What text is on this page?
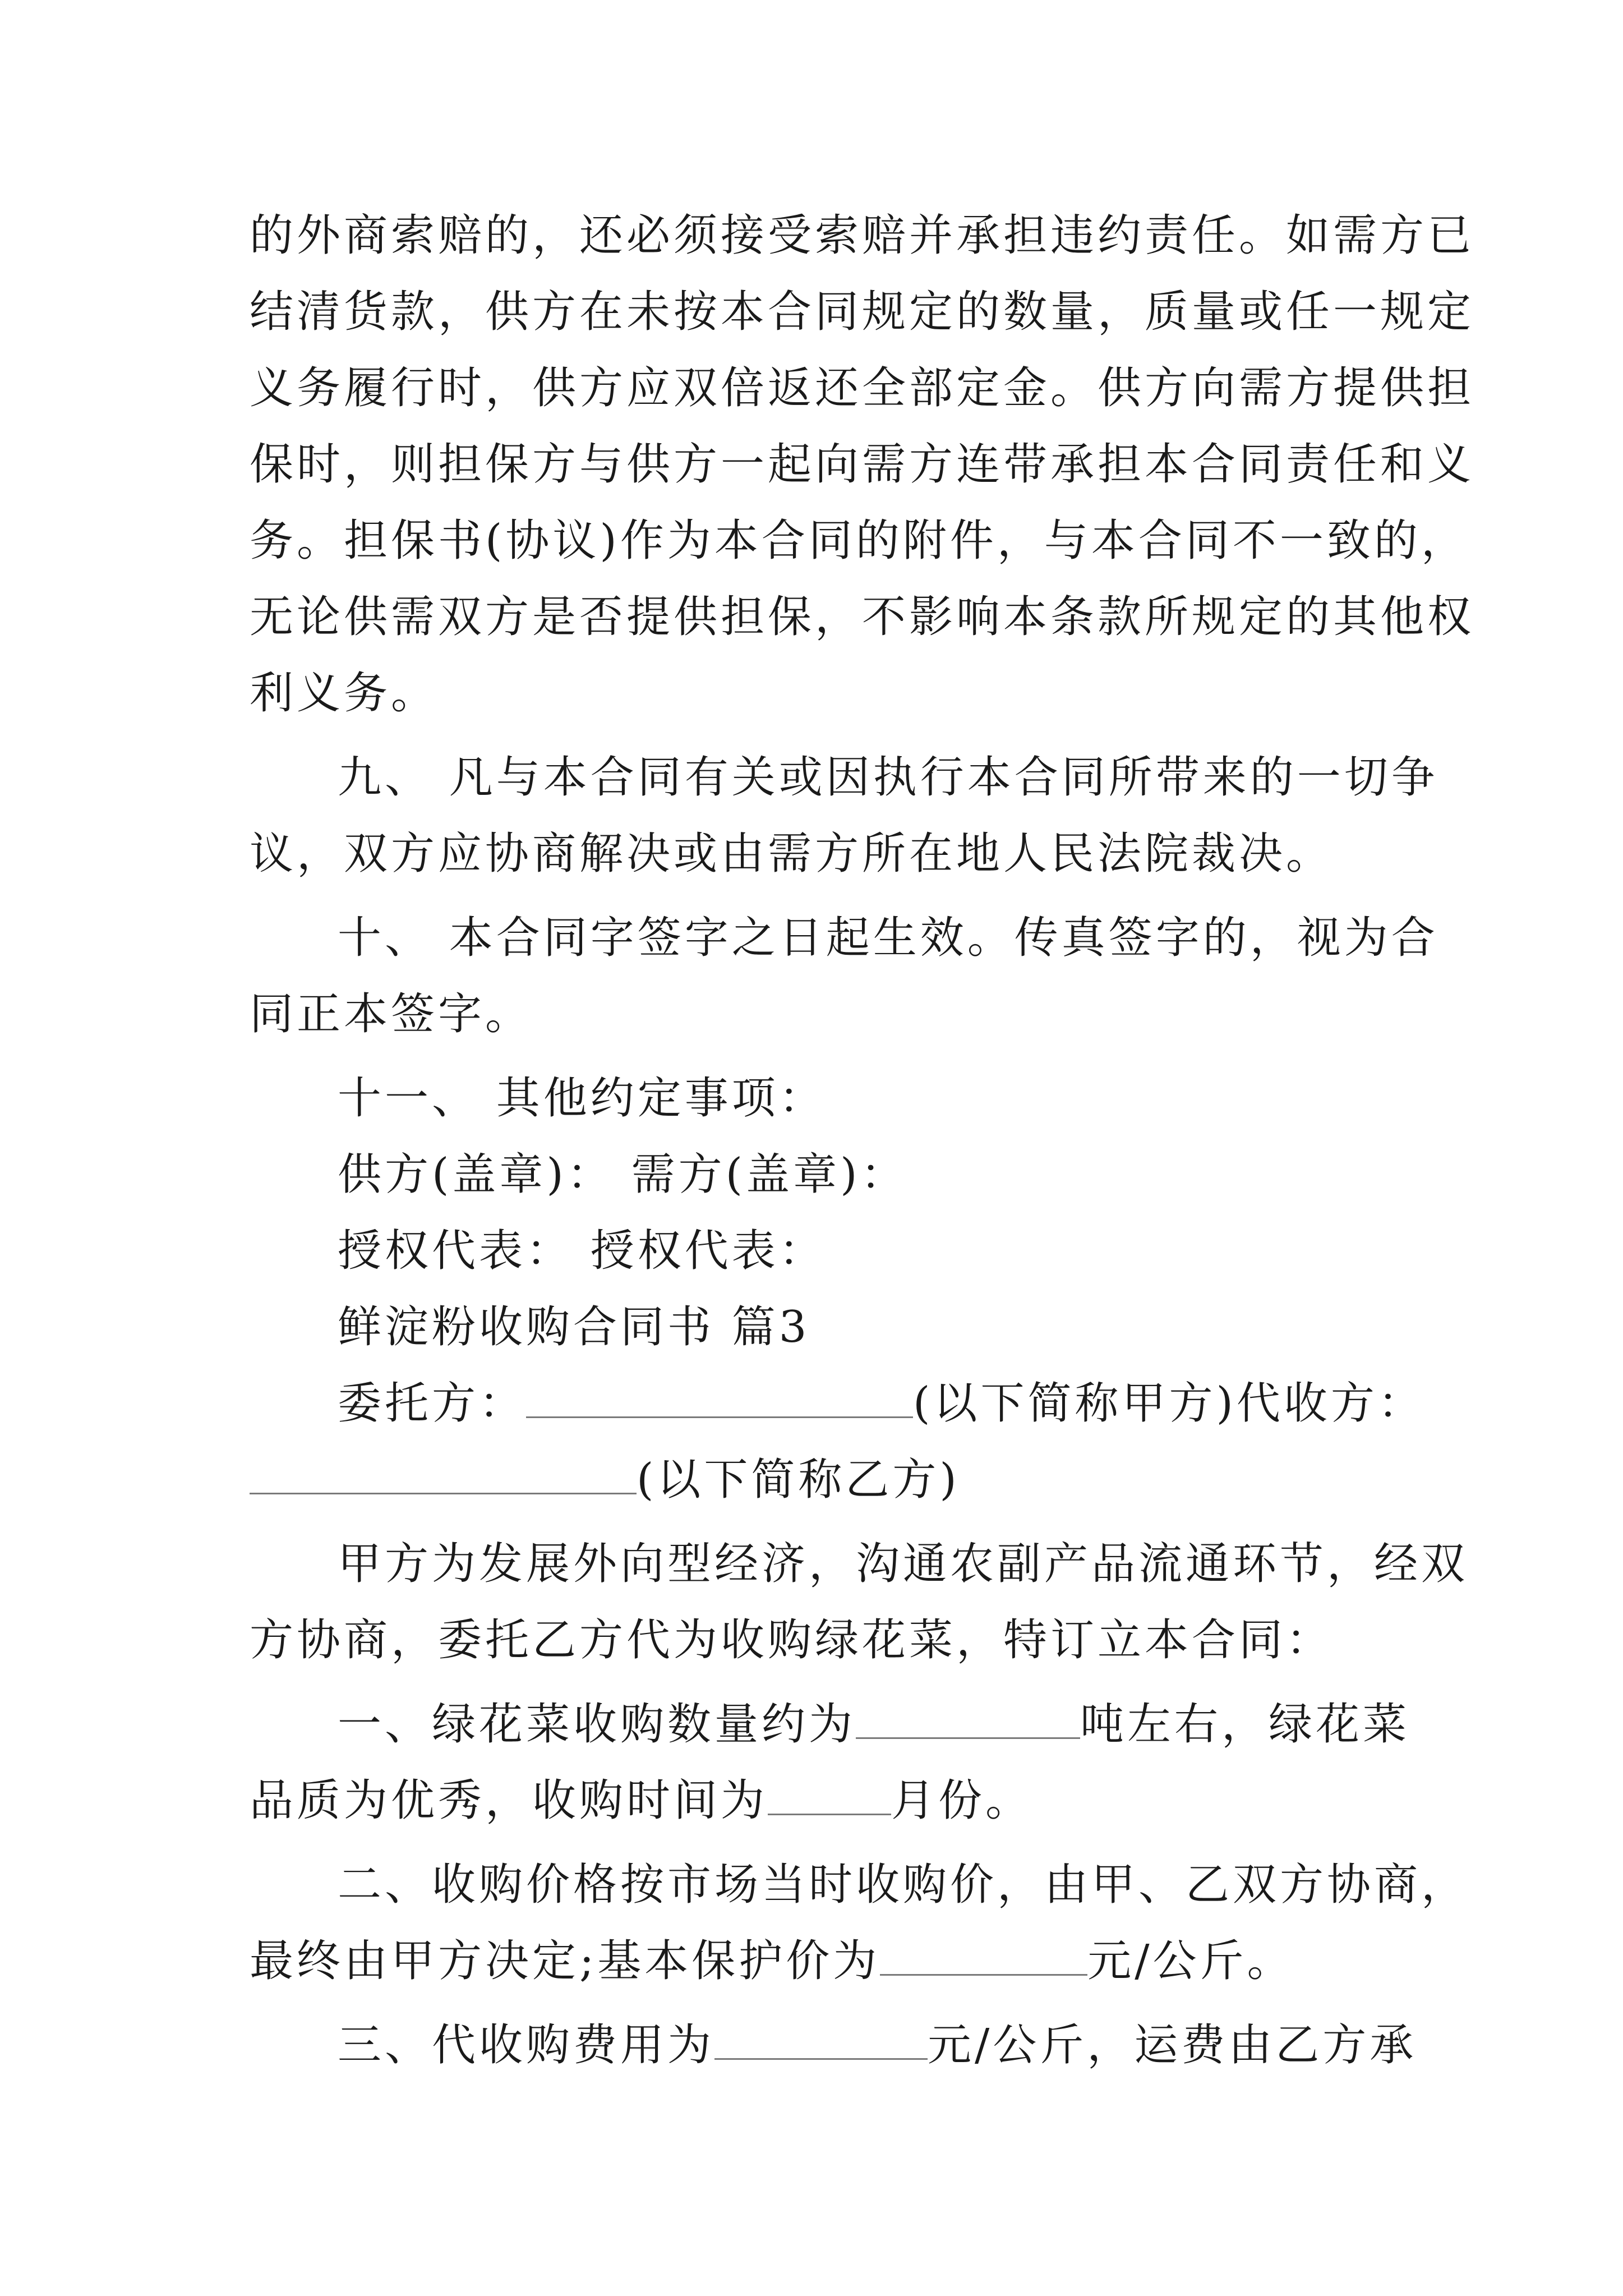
的外商索赔的，还必须接受索赔并承担违约责任。如需方已
结清货款，供方在未按本合同规定的数量，质量或任一规定
义务履行时，供方应双倍返还全部定金。供方向需方提供担
保时，则担保方与供方一起向需方连带承担本合同责任和义
务。担保书(协议)作为本合同的附件，与本合同不一致的，
无论供需双方是否提供担保，不影响本条款所规定的其他权
利义务。
九、 凡与本合同有关或因执行本合同所带来的一切争
议，双方应协商解决或由需方所在地人民法院裁决。
十、 本合同字签字之日起生效。传真签字的，视为合
同正本签字。
十一、 其他约定事项：
供方(盖章)： 需方(盖章)：
授权代表： 授权代表：
鲜淀粉收购合同书 篇3
委托方：	(以下简称甲方)代收方：
(以下简称乙方)
甲方为发展外向型经济，沟通农副产品流通环节，经双
方协商，委托乙方代为收购绿花菜，特订立本合同：
一、绿花菜收购数量约为	吨左右，绿花菜
品质为优秀，收购时间为	月份。
二、收购价格按市场当时收购价，由甲、乙双方协商，
最终由甲方决定;基本保护价为	元/公斤。
三、代收购费用为	元/公斤，运费由乙方承
